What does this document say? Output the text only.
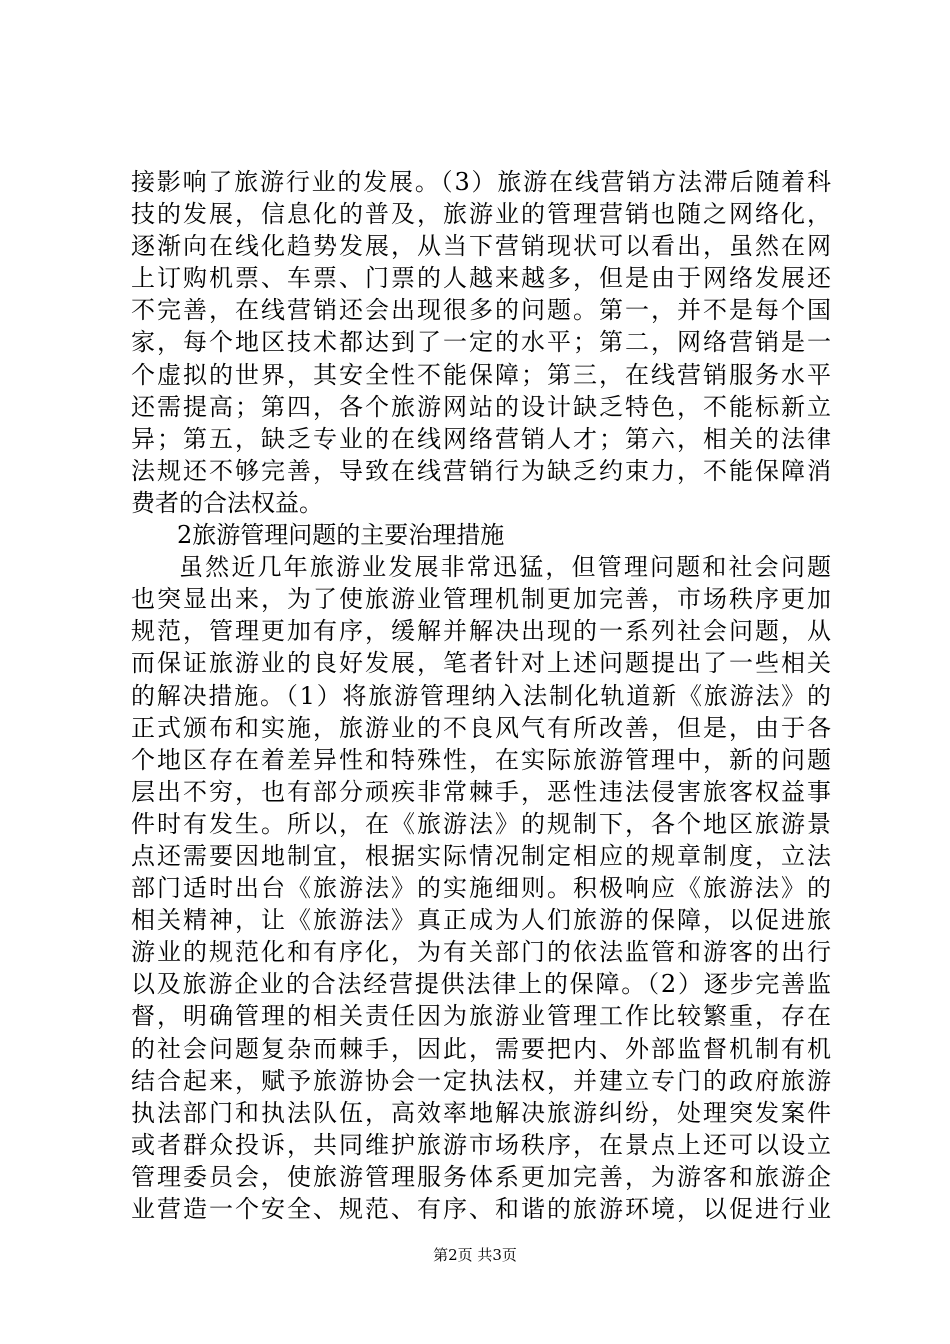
接影响了旅游行业的发展。（3）旅游在线营销方法滞后随着科
技的发展，信息化的普及，旅游业的管理营销也随之网络化，
逐渐向在线化趋势发展，从当下营销现状可以看出，虽然在网
上订购机票、车票、门票的人越来越多，但是由于网络发展还
不完善，在线营销还会出现很多的问题。第一，并不是每个国
家，每个地区技术都达到了一定的水平；第二，网络营销是一
个虚拟的世界，其安全性不能保障；第三，在线营销服务水平
还需提高；第四，各个旅游网站的设计缺乏特色，不能标新立
异；第五，缺乏专业的在线网络营销人才；第六，相关的法律
法规还不够完善，导致在线营销行为缺乏约束力，不能保障消
费者的合法权益。
2旅游管理问题的主要治理措施
虽然近几年旅游业发展非常迅猛，但管理问题和社会问题
也突显出来，为了使旅游业管理机制更加完善，市场秩序更加
规范，管理更加有序，缓解并解决出现的一系列社会问题，从
而保证旅游业的良好发展，笔者针对上述问题提出了一些相关
的解决措施。（1）将旅游管理纳入法制化轨道新《旅游法》的
正式颁布和实施，旅游业的不良风气有所改善，但是，由于各
个地区存在着差异性和特殊性，在实际旅游管理中，新的问题
层出不穷，也有部分顽疾非常棘手，恶性违法侵害旅客权益事
件时有发生。所以，在《旅游法》的规制下，各个地区旅游景
点还需要因地制宜，根据实际情况制定相应的规章制度，立法
部门适时出台《旅游法》的实施细则。积极响应《旅游法》的
相关精神，让《旅游法》真正成为人们旅游的保障，以促进旅
游业的规范化和有序化，为有关部门的依法监管和游客的出行
以及旅游企业的合法经营提供法律上的保障。（2）逐步完善监
督，明确管理的相关责任因为旅游业管理工作比较繁重，存在
的社会问题复杂而棘手，因此，需要把内、外部监督机制有机
结合起来，赋予旅游协会一定执法权，并建立专门的政府旅游
执法部门和执法队伍，高效率地解决旅游纠纷，处理突发案件
或者群众投诉，共同维护旅游市场秩序，在景点上还可以设立
管理委员会，使旅游管理服务体系更加完善，为游客和旅游企
业营造一个安全、规范、有序、和谐的旅游环境，以促进行业
第2页 共3页
